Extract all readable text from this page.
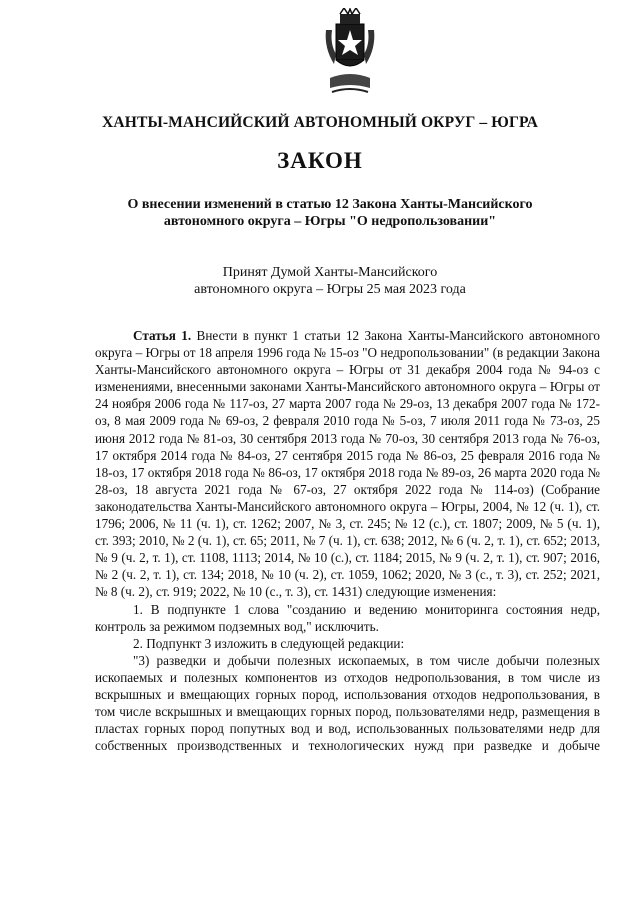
ХАНТЫ-МАНСИЙСКИЙ АВТОНОМНЫЙ ОКРУГ – ЮГРА
ЗАКОН
О внесении изменений в статью 12 Закона Ханты-Мансийского
автономного округа – Югры "О недропользовании"
Принят Думой Ханты-Мансийского
автономного округа – Югры 25 мая 2023 года

Статья 1. Внести в пункт 1 статьи 12 Закона Ханты-Мансийского автономного округа – Югры от 18 апреля 1996 года № 15-оз "О недропользовании" (в редакции Закона Ханты-Мансийского автономного округа – Югры от 31 декабря 2004 года № 94-оз с изменениями, внесенными законами Ханты-Мансийского автономного округа – Югры от 24 ноября 2006 года № 117-оз, 27 марта 2007 года № 29-оз, 13 декабря 2007 года № 172-оз, 8 мая 2009 года № 69-оз, 2 февраля 2010 года № 5-оз, 7 июля 2011 года № 73-оз, 25 июня 2012 года № 81-оз, 30 сентября 2013 года № 70-оз, 30 сентября 2013 года № 76-оз, 17 октября 2014 года № 84-оз, 27 сентября 2015 года № 86-оз, 25 февраля 2016 года № 18-оз, 17 октября 2018 года № 86-оз, 17 октября 2018 года № 89-оз, 26 марта 2020 года № 28-оз, 18 августа 2021 года № 67-оз, 27 октября 2022 года № 114-оз) (Собрание законодательства Ханты-Мансийского автономного округа – Югры, 2004, № 12 (ч. 1), ст. 1796; 2006, № 11 (ч. 1), ст. 1262; 2007, № 3, ст. 245; № 12 (с.), ст. 1807; 2009, № 5 (ч. 1), ст. 393; 2010, № 2 (ч. 1), ст. 65; 2011, № 7 (ч. 1), ст. 638; 2012, № 6 (ч. 2, т. 1), ст. 652; 2013, № 9 (ч. 2, т. 1), ст. 1108, 1113; 2014, № 10 (с.), ст. 1184; 2015, № 9 (ч. 2, т. 1), ст. 907; 2016, № 2 (ч. 2, т. 1), ст. 134; 2018, № 10 (ч. 2), ст. 1059, 1062; 2020, № 3 (с., т. 3), ст. 252; 2021, № 8 (ч. 2), ст. 919; 2022, № 10 (с., т. 3), ст. 1431) следующие изменения:

1. В подпункте 1 слова "созданию и ведению мониторинга состояния недр, контроль за режимом подземных вод," исключить.

2. Подпункт 3 изложить в следующей редакции:

"3) разведки и добычи полезных ископаемых, в том числе добычи полезных ископаемых и полезных компонентов из отходов недропользования, в том числе из вскрышных и вмещающих горных пород, использования отходов недропользования, в том числе вскрышных и вмещающих горных пород, пользователями недр, размещения в пластах горных пород попутных вод и вод, использованных пользователями недр для собственных производственных и технологических нужд при разведке и добыче
